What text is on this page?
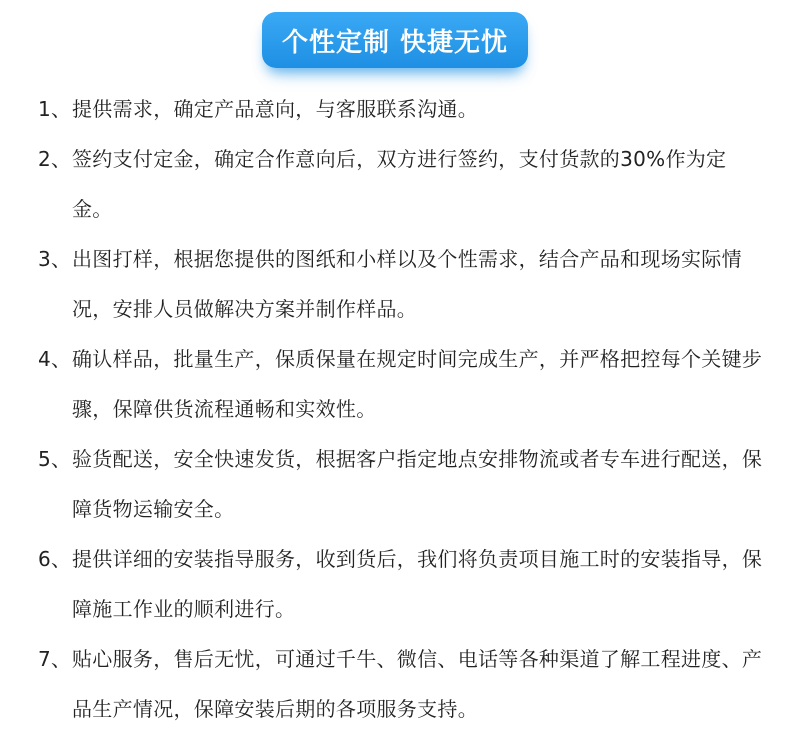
个性定制 快捷无忧
1、 提供需求，确定产品意向，与客服联系沟通。
2、 签约支付定金，确定合作意向后，双方进行签约，支付货款的30%作为定金。
3、 出图打样，根据您提供的图纸和小样以及个性需求，结合产品和现场实际情况，安排人员做解决方案并制作样品。
4、 确认样品，批量生产，保质保量在规定时间完成生产，并严格把控每个关键步骤，保障供货流程通畅和实效性。
5、 验货配送，安全快速发货，根据客户指定地点安排物流或者专车进行配送，保障货物运输安全。
6、 提供详细的安装指导服务，收到货后，我们将负责项目施工时的安装指导，保障施工作业的顺利进行。
7、 贴心服务，售后无忧，可通过千牛、微信、电话等各种渠道了解工程进度、产品生产情况，保障安装后期的各项服务支持。
